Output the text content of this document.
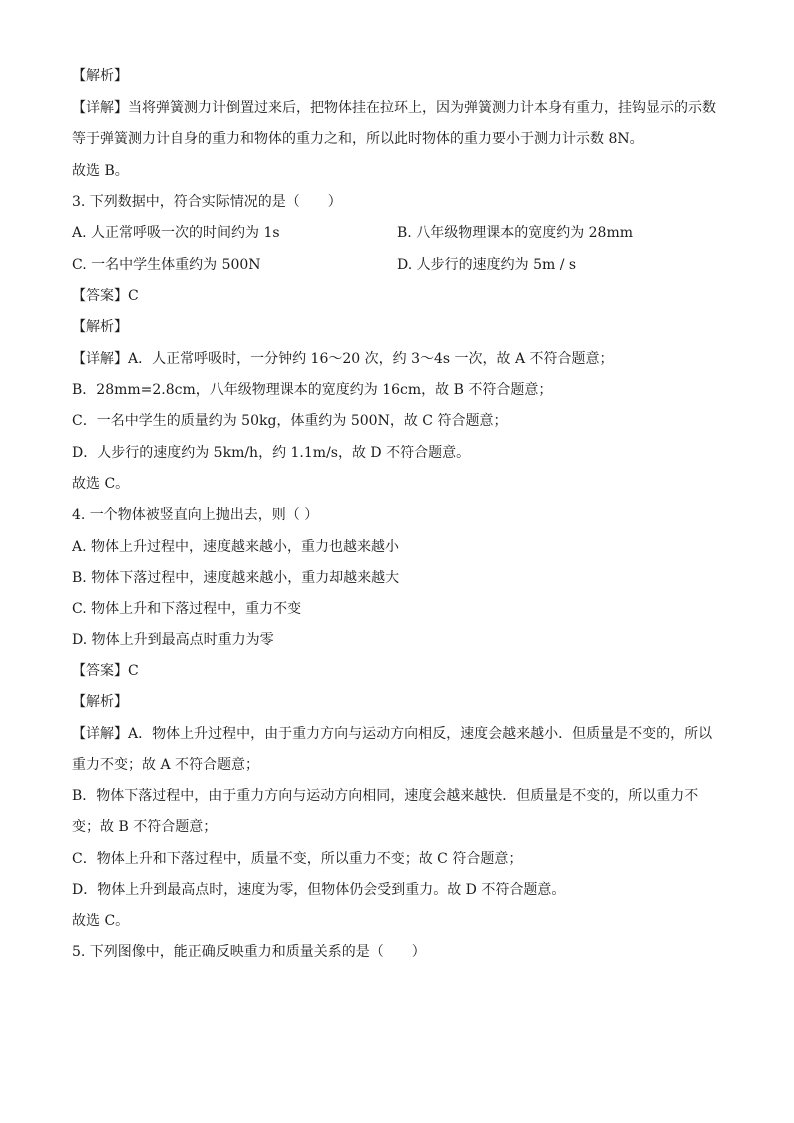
【解析】
【详解】当将弹簧测力计倒置过来后，把物体挂在拉环上，因为弹簧测力计本身有重力，挂钩显示的示数
等于弹簧测力计自身的重力和物体的重力之和，所以此时物体的重力要小于测力计示数 8N。
故选 B。
3. 下列数据中，符合实际情况的是（　　）
A. 人正常呼吸一次的时间约为 1s	B. 八年级物理课本的宽度约为 28mm
C. 一名中学生体重约为 500N	D. 人步行的速度约为 5m / s
【答案】C
【解析】
【详解】A．人正常呼吸时，一分钟约 16～20 次，约 3～4s 一次，故 A 不符合题意；
B．28mm=2.8cm，八年级物理课本的宽度约为 16cm，故 B 不符合题意；
C．一名中学生的质量约为 50kg，体重约为 500N，故 C 符合题意；
D．人步行的速度约为 5km/h，约 1.1m/s，故 D 不符合题意。
故选 C。
4. 一个物体被竖直向上抛出去，则（ ）
A. 物体上升过程中，速度越来越小，重力也越来越小
B. 物体下落过程中，速度越来越小，重力却越来越大
C. 物体上升和下落过程中，重力不变
D. 物体上升到最高点时重力为零
【答案】C
【解析】
【详解】A．物体上升过程中，由于重力方向与运动方向相反，速度会越来越小．但质量是不变的，所以
重力不变；故 A 不符合题意；
B．物体下落过程中，由于重力方向与运动方向相同，速度会越来越快．但质量是不变的，所以重力不
变；故 B 不符合题意；
C．物体上升和下落过程中，质量不变，所以重力不变；故 C 符合题意；
D．物体上升到最高点时，速度为零，但物体仍会受到重力。故 D 不符合题意。
故选 C。
5. 下列图像中，能正确反映重力和质量关系的是（　　）
